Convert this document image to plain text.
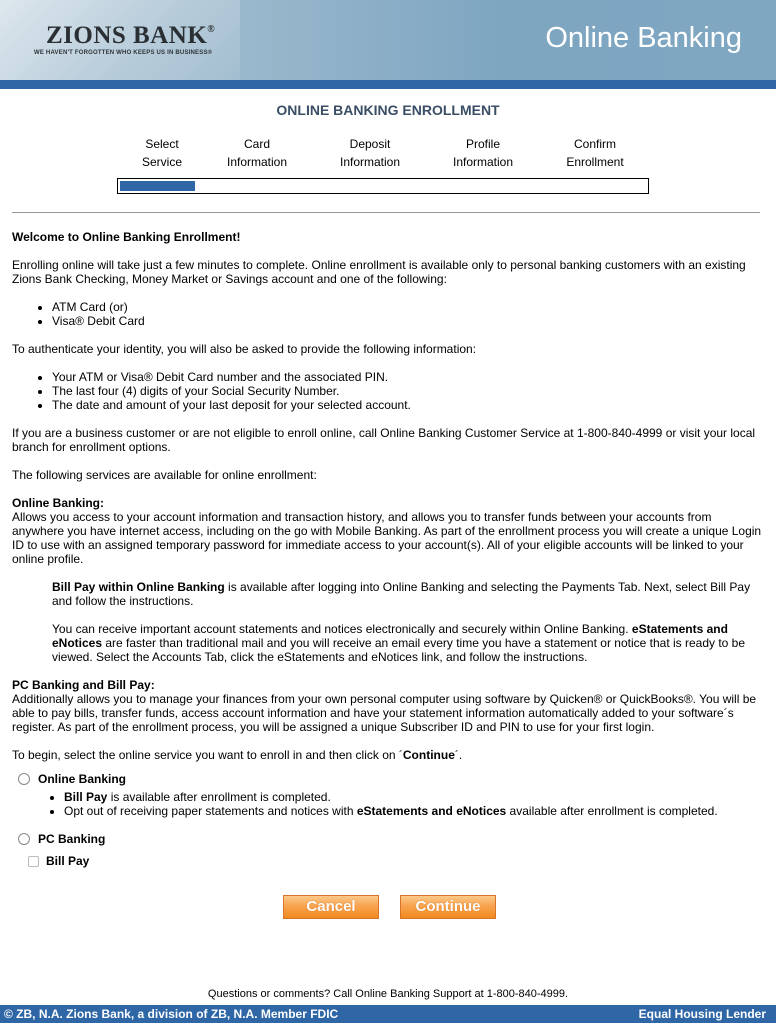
ZIONS BANK®
WE HAVEN'T FORGOTTEN WHO KEEPS US IN BUSINESS®	Online Banking
ONLINE BANKING ENROLLMENT
Select
Service
Card
Information
Deposit
Information
Profile
Information
Confirm
Enrollment

Welcome to Online Banking Enrollment!

Enrolling online will take just a few minutes to complete. Online enrollment is available only to personal banking customers with an existing Zions Bank Checking, Money Market or Savings account and one of the following:

• ATM Card (or)
• Visa® Debit Card

To authenticate your identity, you will also be asked to provide the following information:

• Your ATM or Visa® Debit Card number and the associated PIN.
• The last four (4) digits of your Social Security Number.
• The date and amount of your last deposit for your selected account.

If you are a business customer or are not eligible to enroll online, call Online Banking Customer Service at 1-800-840-4999 or visit your local branch for enrollment options.

The following services are available for online enrollment:

Online Banking:

Allows you access to your account information and transaction history, and allows you to transfer funds between your accounts from anywhere you have internet access, including on the go with Mobile Banking. As part of the enrollment process you will create a unique Login ID to use with an assigned temporary password for immediate access to your account(s). All of your eligible accounts will be linked to your online profile.

Bill Pay within Online Banking is available after logging into Online Banking and selecting the Payments Tab. Next, select Bill Pay and follow the instructions.

You can receive important account statements and notices electronically and securely within Online Banking. eStatements and eNotices are faster than traditional mail and you will receive an email every time you have a statement or notice that is ready to be viewed. Select the Accounts Tab, click the eStatements and eNotices link, and follow the instructions.

PC Banking and Bill Pay:

Additionally allows you to manage your finances from your own personal computer using software by Quicken® or QuickBooks®. You will be able to pay bills, transfer funds, access account information and have your statement information automatically added to your software´s register. As part of the enrollment process, you will be assigned a unique Subscriber ID and PIN to use for your first login.

To begin, select the online service you want to enroll in and then click on ´Continue´.

Online Banking
• Bill Pay is available after enrollment is completed.
• Opt out of receiving paper statements and notices with eStatements and eNotices available after enrollment is completed.
PC Banking
Bill Pay
Cancel	Continue
Questions or comments? Call Online Banking Support at 1-800-840-4999.
© ZB, N.A. Zions Bank, a division of ZB, N.A. Member FDIC	Equal Housing Lender
